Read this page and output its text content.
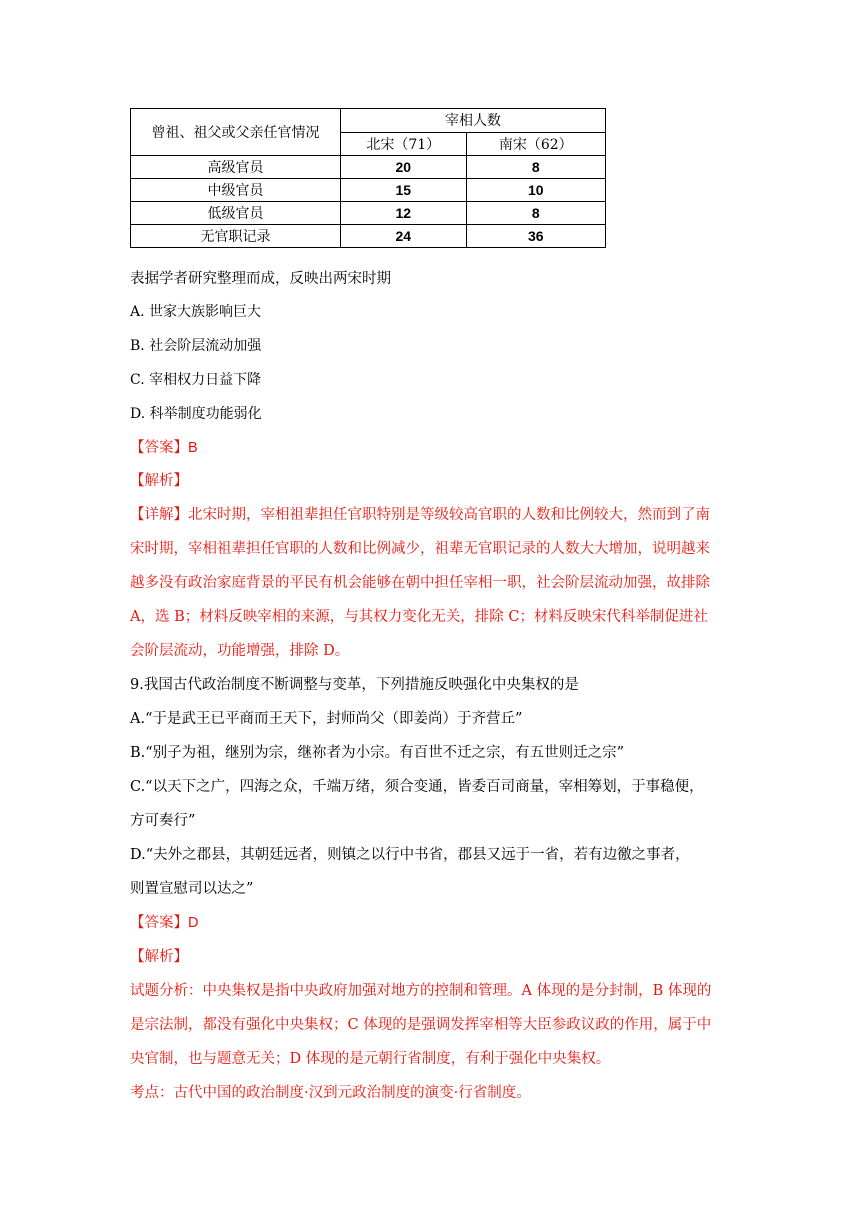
曾祖、祖父或父亲任官情况	宰相人数	
	北宋（71）	南宋（62）
高级官员	20	8
中级官员	15	10
低级官员	12	8
无官职记录	24	36
表据学者研究整理而成，反映出两宋时期
A. 世家大族影响巨大
B. 社会阶层流动加强
C. 宰相权力日益下降
D. 科举制度功能弱化
【答案】B
【解析】
【详解】北宋时期，宰相祖辈担任官职特别是等级较高官职的人数和比例较大，然而到了南
宋时期，宰相祖辈担任官职的人数和比例减少，祖辈无官职记录的人数大大增加，说明越来
越多没有政治家庭背景的平民有机会能够在朝中担任宰相一职，社会阶层流动加强，故排除
A，选 B；材料反映宰相的来源，与其权力变化无关，排除 C；材料反映宋代科举制促进社
会阶层流动，功能增强，排除 D。
9.我国古代政治制度不断调整与变革，下列措施反映强化中央集权的是
A.“于是武王已平商而王天下，封师尚父（即姜尚）于齐营丘”
B.“别子为祖，继别为宗，继祢者为小宗。有百世不迁之宗，有五世则迁之宗”
C.“以天下之广，四海之众，千端万绪，须合变通，皆委百司商量，宰相筹划，于事稳便，
方可奏行”
D.“夫外之郡县，其朝廷远者，则镇之以行中书省，郡县又远于一省，若有边徼之事者，
则置宣慰司以达之”
【答案】D
【解析】
试题分析：中央集权是指中央政府加强对地方的控制和管理。A 体现的是分封制，B 体现的
是宗法制，都没有强化中央集权；C 体现的是强调发挥宰相等大臣参政议政的作用，属于中
央官制，也与题意无关；D 体现的是元朝行省制度，有利于强化中央集权。
考点：古代中国的政治制度·汉到元政治制度的演变·行省制度。
